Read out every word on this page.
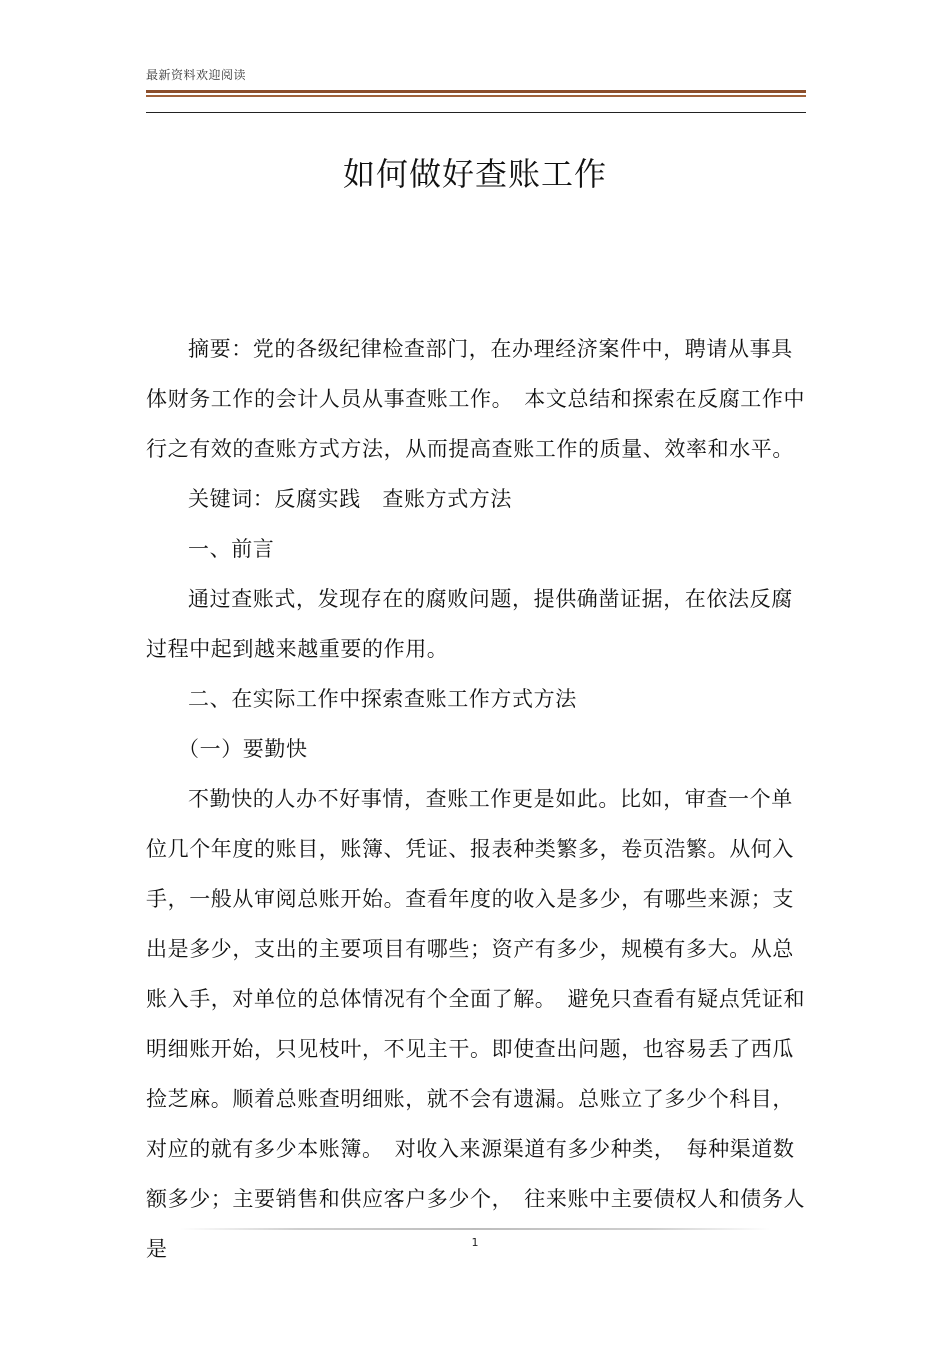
最新资料欢迎阅读
如何做好查账工作

摘要：党的各级纪律检查部门，在办理经济案件中，聘请从事具体财务工作的会计人员从事查账工作。　本文总结和探索在反腐工作中行之有效的查账方式方法，从而提高查账工作的质量、效率和水平。

关键词：反腐实践　查账方式方法

一、前言

通过查账式，发现存在的腐败问题，提供确凿证据，在依法反腐过程中起到越来越重要的作用。

二、在实际工作中探索查账工作方式方法

（一）要勤快

不勤快的人办不好事情，查账工作更是如此。比如，审查一个单位几个年度的账目，账簿、凭证、报表种类繁多，卷页浩繁。从何入手，一般从审阅总账开始。查看年度的收入是多少，有哪些来源；支出是多少，支出的主要项目有哪些；资产有多少，规模有多大。从总账入手，对单位的总体情况有个全面了解。　避免只查看有疑点凭证和明细账开始，只见枝叶，不见主干。即使查出问题，也容易丢了西瓜捡芝麻。顺着总账查明细账，就不会有遗漏。总账立了多少个科目，对应的就有多少本账簿。　对收入来源渠道有多少种类，　每种渠道数额多少；主要销售和供应客户多少个，　往来账中主要债权人和债务人是	1
